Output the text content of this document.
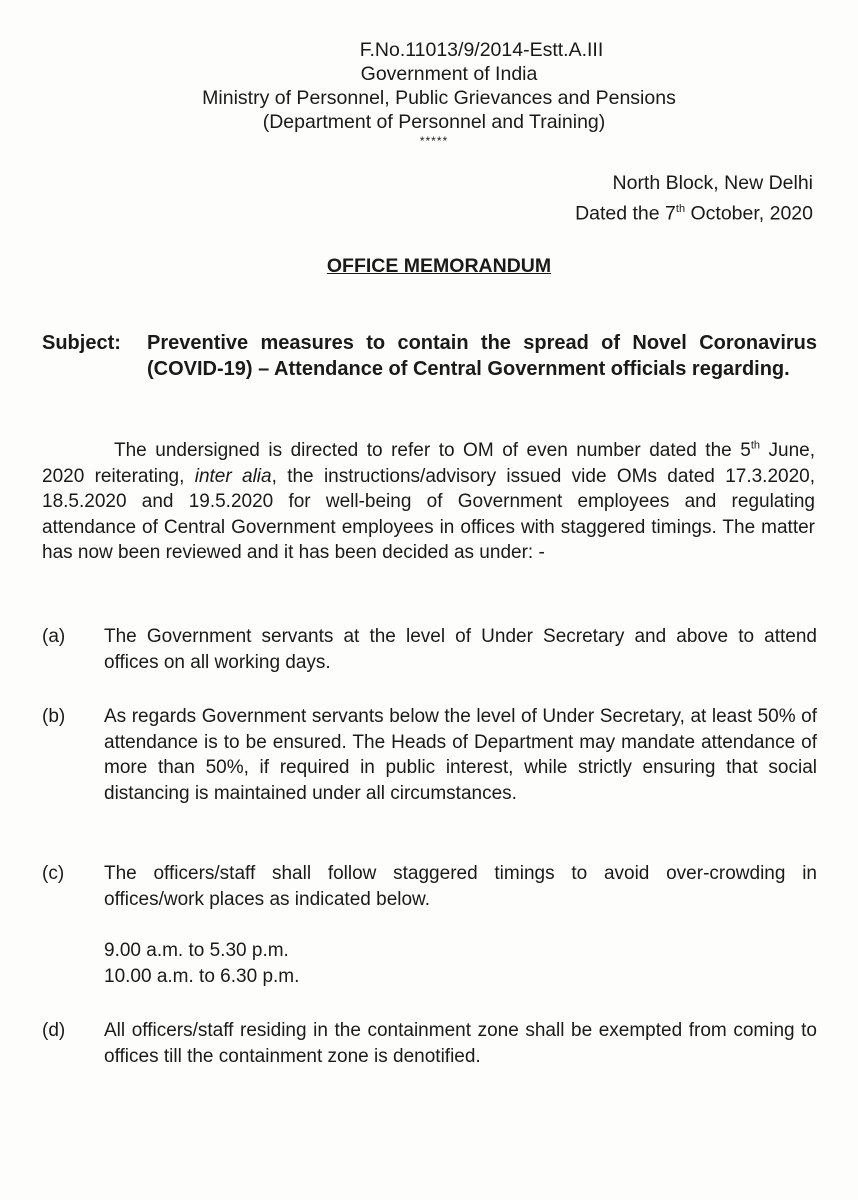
F.No.11013/9/2014-Estt.A.III
Government of India
Ministry of Personnel, Public Grievances and Pensions
(Department of Personnel and Training)
*****
North Block, New Delhi
Dated the 7th October, 2020
OFFICE MEMORANDUM
Subject: Preventive measures to contain the spread of Novel Coronavirus (COVID-19) – Attendance of Central Government officials regarding.
The undersigned is directed to refer to OM of even number dated the 5th June, 2020 reiterating, inter alia, the instructions/advisory issued vide OMs dated 17.3.2020, 18.5.2020 and 19.5.2020 for well-being of Government employees and regulating attendance of Central Government employees in offices with staggered timings. The matter has now been reviewed and it has been decided as under: -
(a) The Government servants at the level of Under Secretary and above to attend offices on all working days.
(b) As regards Government servants below the level of Under Secretary, at least 50% of attendance is to be ensured. The Heads of Department may mandate attendance of more than 50%, if required in public interest, while strictly ensuring that social distancing is maintained under all circumstances.
(c) The officers/staff shall follow staggered timings to avoid over-crowding in offices/work places as indicated below.
9.00 a.m. to 5.30 p.m.
10.00 a.m. to 6.30 p.m.
(d) All officers/staff residing in the containment zone shall be exempted from coming to offices till the containment zone is denotified.
